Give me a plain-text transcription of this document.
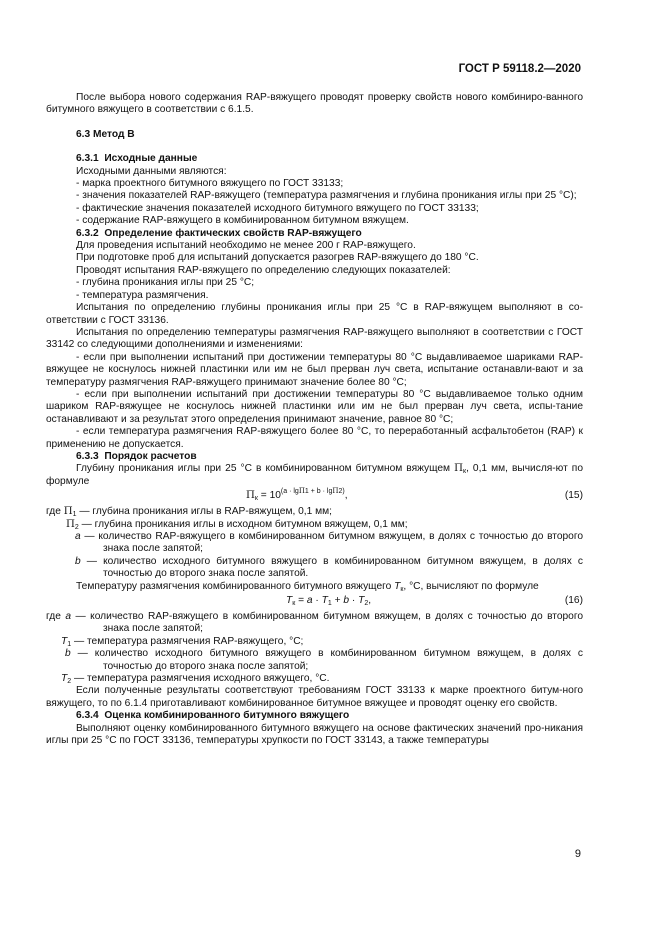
ГОСТ Р 59118.2—2020

После выбора нового содержания RAP-вяжущего проводят проверку свойств нового комбиниро-ванного битумного вяжущего в соответствии с 6.1.5.

6.3 Метод В

6.3.1 Исходные данные

Исходными данными являются:

- марка проектного битумного вяжущего по ГОСТ 33133;

- значения показателей RAP-вяжущего (температура размягчения и глубина проникания иглы при 25 °С);

- фактические значения показателей исходного битумного вяжущего по ГОСТ 33133;

- содержание RAP-вяжущего в комбинированном битумном вяжущем.

6.3.2 Определение фактических свойств RAP-вяжущего

Для проведения испытаний необходимо не менее 200 г RAP-вяжущего.

При подготовке проб для испытаний допускается разогрев RAP-вяжущего до 180 °С.

Проводят испытания RAP-вяжущего по определению следующих показателей:

- глубина проникания иглы при 25 °С;

- температура размягчения.

Испытания по определению глубины проникания иглы при 25 °С в RAP-вяжущем выполняют в со-ответствии с ГОСТ 33136.

Испытания по определению температуры размягчения RAP-вяжущего выполняют в соответствии с ГОСТ 33142 со следующими дополнениями и изменениями:

- если при выполнении испытаний при достижении температуры 80 °С выдавливаемое шариками RAP-вяжущее не коснулось нижней пластинки или им не был прерван луч света, испытание останавли-вают и за температуру размягчения RAP-вяжущего принимают значение более 80 °С;

- если при выполнении испытаний при достижении температуры 80 °С выдавливаемое только одним шариком RAP-вяжущее не коснулось нижней пластинки или им не был прерван луч света, испы-тание останавливают и за результат этого определения принимают значение, равное 80 °С;

- если температура размягчения RAP-вяжущего более 80 °С, то переработанный асфальтобетон (RAP) к применению не допускается.

6.3.3 Порядок расчетов

Глубину проникания иглы при 25 °С в комбинированном битумном вяжущем $\Pi_к$, 0,1 мм, вычисля-ют по формуле

$\Pi_к = 10^{(a \cdot lg\Pi 1 + b \cdot lg\Pi 2)}$,	(15)

где $\Pi_1$ — глубина проникания иглы в RAP-вяжущем, 0,1 мм;

$\Pi_2$ — глубина проникания иглы в исходном битумном вяжущем, 0,1 мм;

a — количество RAP-вяжущего в комбинированном битумном вяжущем, в долях с точностью до второго знака после запятой;

b — количество исходного битумного вяжущего в комбинированном битумном вяжущем, в долях с точностью до второго знака после запятой.

Температуру размягчения комбинированного битумного вяжущего $T_к$, °С, вычисляют по формуле

$T_к = a \cdot T_1 + b \cdot T_2$,	(16)

где a — количество RAP-вяжущего в комбинированном битумном вяжущем, в долях с точностью до второго знака после запятой;

$T_1$ — температура размягчения RAP-вяжущего, °С;

b — количество исходного битумного вяжущего в комбинированном битумном вяжущем, в долях с точностью до второго знака после запятой;

$T_2$ — температура размягчения исходного вяжущего, °С.

Если полученные результаты соответствуют требованиям ГОСТ 33133 к марке проектного битум-ного вяжущего, то по 6.1.4 приготавливают комбинированное битумное вяжущее и проводят оценку его свойств.

6.3.4 Оценка комбинированного битумного вяжущего

Выполняют оценку комбинированного битумного вяжущего на основе фактических значений про-никания иглы при 25 °С по ГОСТ 33136, температуры хрупкости по ГОСТ 33143, а также температуры

9
